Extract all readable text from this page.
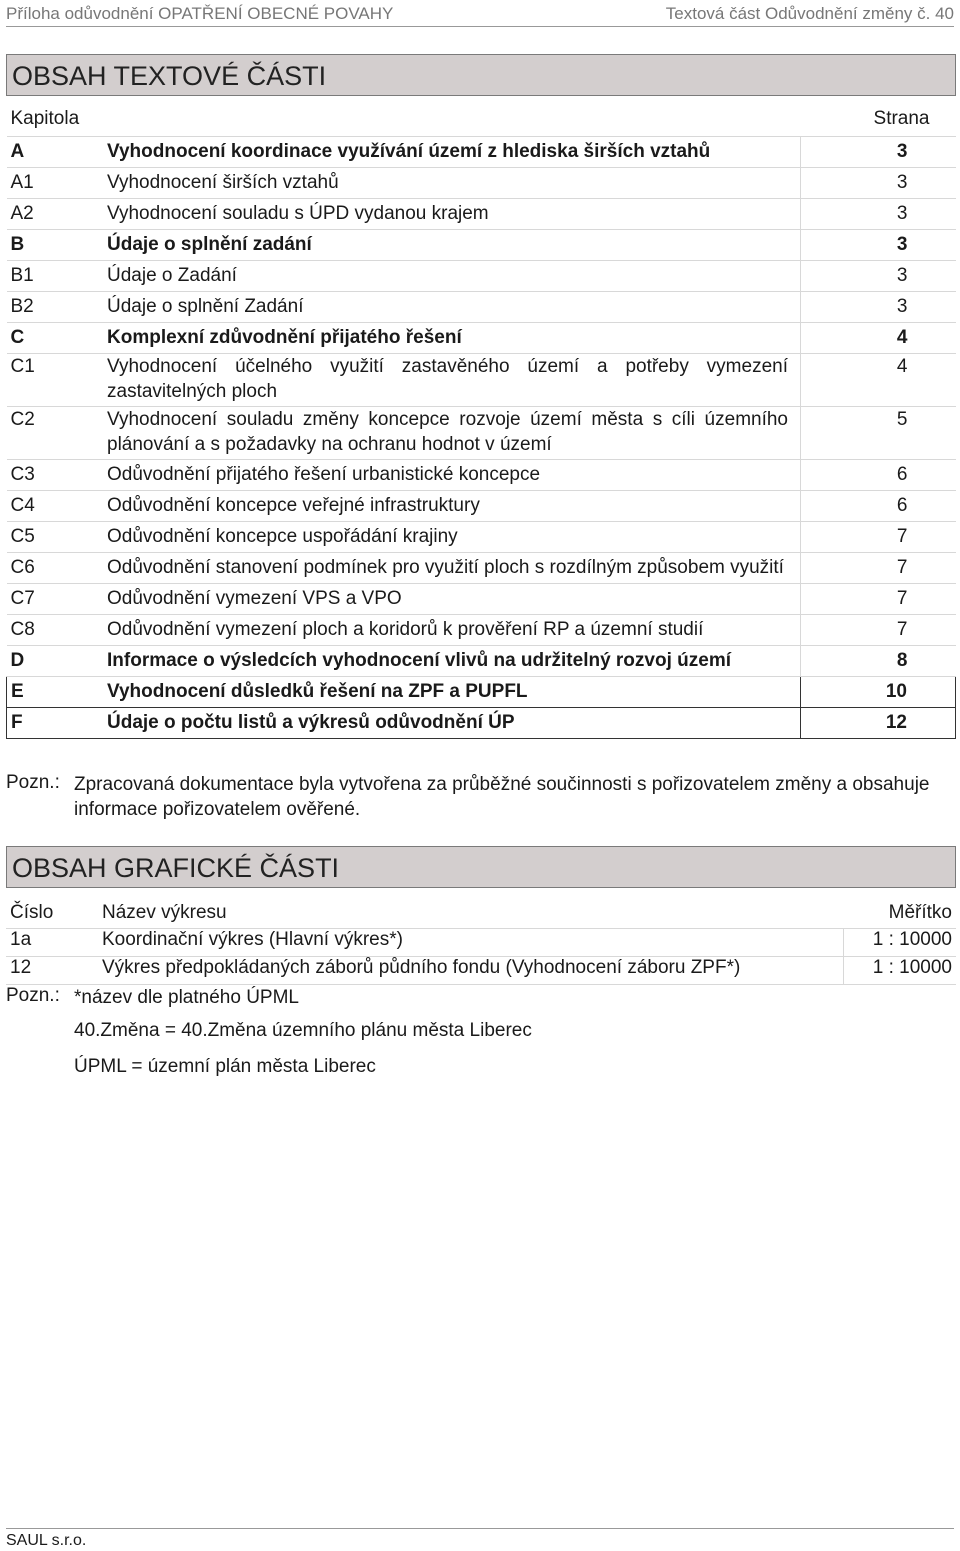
Příloha odůvodnění OPATŘENÍ OBECNÉ POVAHY	Textová část Odůvodnění změny č. 40
OBSAH TEXTOVÉ ČÁSTI
Kapitola		Strana
A	Vyhodnocení koordinace využívání území z hlediska širších vztahů	3
A1	Vyhodnocení širších vztahů	3
A2	Vyhodnocení souladu s ÚPD vydanou krajem	3
B	Údaje o splnění zadání	3
B1	Údaje o Zadání	3
B2	Údaje o splnění Zadání	3
C	Komplexní zdůvodnění přijatého řešení	4
C1	Vyhodnocení účelného využití zastavěného území a potřeby vymezení zastavitelných ploch	4
C2	Vyhodnocení souladu změny koncepce rozvoje území města s cíli územního plánování a s požadavky na ochranu hodnot v území	5
C3	Odůvodnění přijatého řešení urbanistické koncepce	6
C4	Odůvodnění koncepce veřejné infrastruktury	6
C5	Odůvodnění koncepce uspořádání krajiny	7
C6	Odůvodnění stanovení podmínek pro využití ploch s rozdílným způsobem využití	7
C7	Odůvodnění vymezení VPS a VPO	7
C8	Odůvodnění vymezení ploch a koridorů k prověření RP a územní studií	7
D	Informace o výsledcích vyhodnocení vlivů na udržitelný rozvoj území	8
E	Vyhodnocení důsledků řešení na ZPF a PUPFL	10
F	Údaje o počtu listů a výkresů odůvodnění ÚP	12
Pozn.: Zpracovaná dokumentace byla vytvořena za průběžné součinnosti s pořizovatelem změny a obsahuje informace pořizovatelem ověřené.
OBSAH GRAFICKÉ ČÁSTI
Číslo	Název výkresu	Měřítko
1a	Koordinační výkres (Hlavní výkres*)	1 : 10000
12	Výkres předpokládaných záborů půdního fondu (Vyhodnocení záboru ZPF*)	1 : 10000
Pozn.: *název dle platného ÚPML
40.Změna = 40.Změna územního plánu města Liberec
ÚPML = územní plán města Liberec
SAUL s.r.o.
